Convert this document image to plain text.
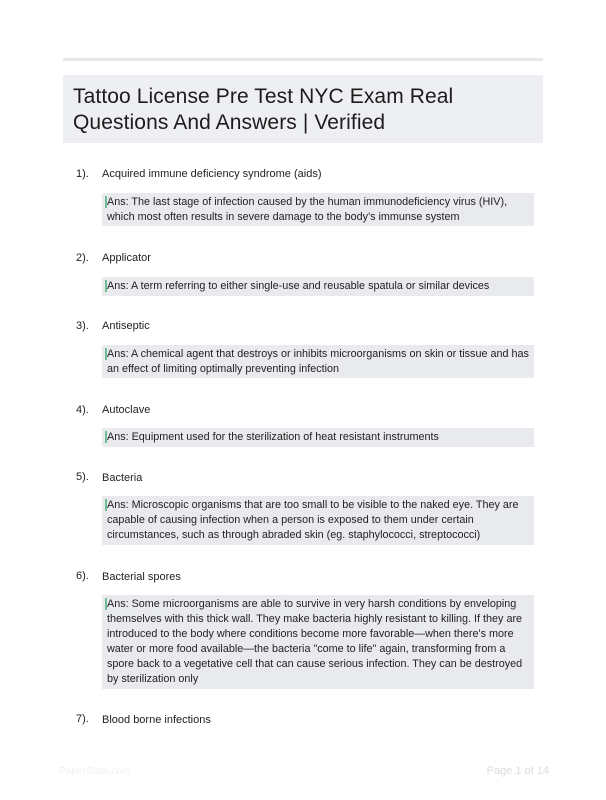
Tattoo License Pre Test NYC Exam Real Questions And Answers | Verified
1). Acquired immune deficiency syndrome (aids)
Ans: The last stage of infection caused by the human immunodeficiency virus (HIV), which most often results in severe damage to the body's immunse system
2). Applicator
Ans: A term referring to either single-use and reusable spatula or similar devices
3). Antiseptic
Ans: A chemical agent that destroys or inhibits microorganisms on skin or tissue and has an effect of limiting optimally preventing infection
4). Autoclave
Ans: Equipment used for the sterilization of heat resistant instruments
5). Bacteria
Ans: Microscopic organisms that are too small to be visible to the naked eye. They are capable of causing infection when a person is exposed to them under certain circumstances, such as through abraded skin (eg. staphylococci, streptococci)
6). Bacterial spores
Ans: Some microorganisms are able to survive in very harsh conditions by enveloping themselves with this thick wall. They make bacteria highly resistant to killing. If they are introduced to the body where conditions become more favorable—when there's more water or more food available—the bacteria "come to life" again, transforming from a spore back to a vegetative cell that can cause serious infection. They can be destroyed by sterilization only
7). Blood borne infections
PaperStats.com	Page 1 of 14
